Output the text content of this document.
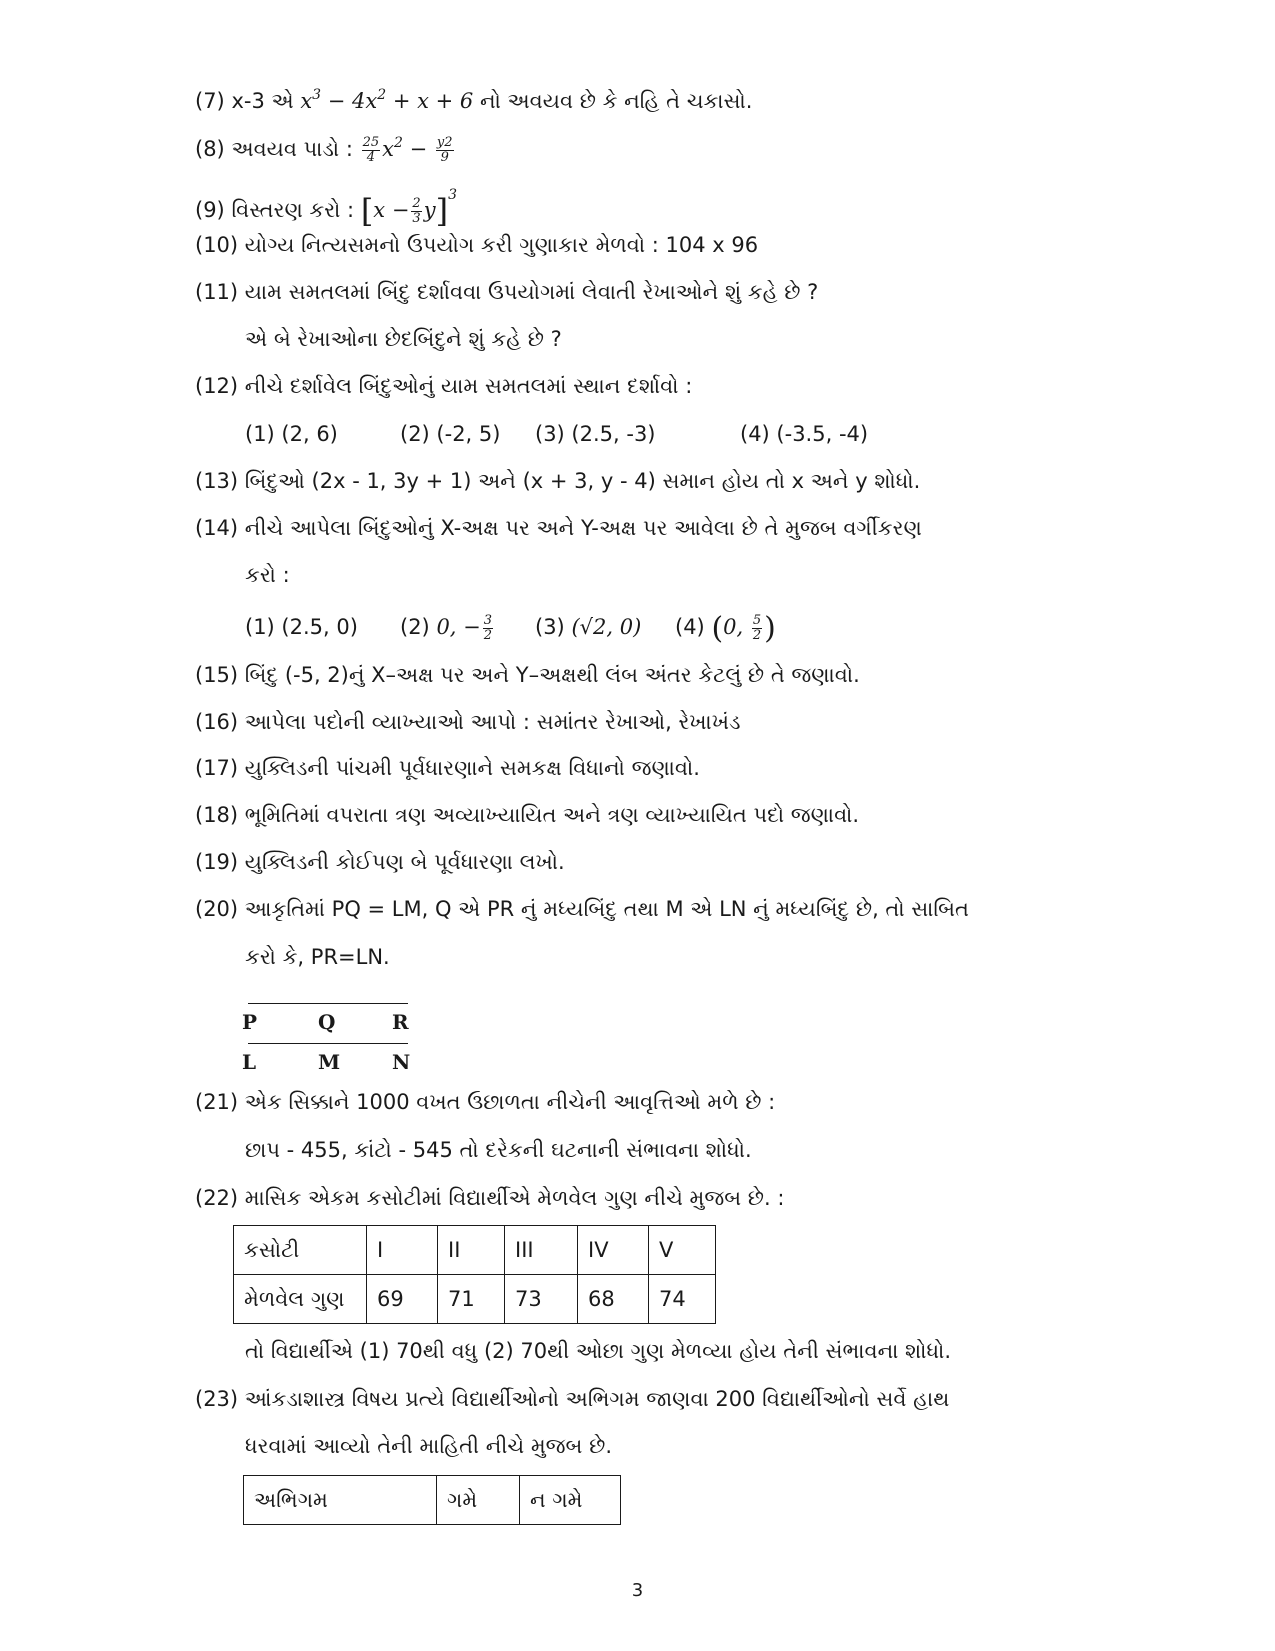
(7) x-3 એ $x^3 - 4x^2 + x + 6$ નો અવયવ છે કે નહિ તે ચકાસો.
(8) અવયવ પાડો : $\frac{25}{4} x^2 - \frac{y2}{9}$
(9) વિસ્તરણ કરો : $[x - \frac{2}{3} y]^3$
(10) યોગ્ય નિત્યસમનો ઉપયોગ કરી ગુણાકાર મેળવો : 104 x 96
(11) યામ સમતલમાં બિંદુ દર્શાવવા ઉપયોગમાં લેવાતી રેખાઓને શું કહે છે ?
એ બે રેખાઓના છેદબિંદુને શું કહે છે ?
(12) નીચે દર્શાવેલ બિંદુઓનું યામ સમતલમાં સ્થાન દર્શાવો :
(1) (2, 6)	(2) (-2, 5) (3) (2.5, -3)	(4) (-3.5, -4)
(13) બિંદુઓ (2x - 1, 3y + 1) અને (x + 3, y - 4) સમાન હોય તો x અને y શોધો.
(14) નીચે આપેલા બિંદુઓનું X-અક્ષ પર અને Y-અક્ષ પર આવેલા છે તે મુજબ વર્ગીકરણ
કરો :
(1) (2.5, 0) (2) 0, − $\frac{3}{2} (3)$ (√2, 0) (4) (0, $\frac{5}{2}$ )
(15) બિંદુ (-5, 2)નું X–અક્ષ પર અને Y–અક્ષથી લંબ અંતર કેટલું છે તે જણાવો.
(16) આપેલા પદોની વ્યાખ્યાઓ આપો : સમાંતર રેખાઓ, રેખાખંડ
(17) યુક્લિડની પાંચમી પૂર્વધારણાને સમકક્ષ વિધાનો જણાવો.
(18) ભૂમિતિમાં વપરાતા ત્રણ અવ્યાખ્યાયિત અને ત્રણ વ્યાખ્યાયિત પદો જણાવો.
(19) યુક્લિડની કોઈપણ બે પૂર્વધારણા લખો.
(20) આકૃતિમાં PQ = LM, Q એ PR નું મધ્યબિંદુ તથા M એ LN નું મધ્યબિંદુ છે, તો સાબિત
કરો કે, PR=LN.
P	Q	R
L	M	N
(21) એક સિક્કાને 1000 વખત ઉછાળતા નીચેની આવૃત્તિઓ મળે છે :
છાપ - 455, કાંટો - 545 તો દરેકની ઘટનાની સંભાવના શોધો.
(22) માસિક એકમ કસોટીમાં વિદ્યાર્થીએ મેળવેલ ગુણ નીચે મુજબ છે. :
કસોટી	I	II	III	IV	V
મેળવેલ ગુણ	69	71	73	68	74
તો વિદ્યાર્થીએ (1) 70થી વધુ (2) 70થી ઓછા ગુણ મેળવ્યા હોય તેની સંભાવના શોધો.
(23) આંકડાશાસ્ત્ર વિષય પ્રત્યે વિદ્યાર્થીઓનો અભિગમ જાણવા 200 વિદ્યાર્થીઓનો સર્વે હાથ
ધરવામાં આવ્યો તેની માહિતી નીચે મુજબ છે.
અભિગમ	ગમે	ન ગમે
3
